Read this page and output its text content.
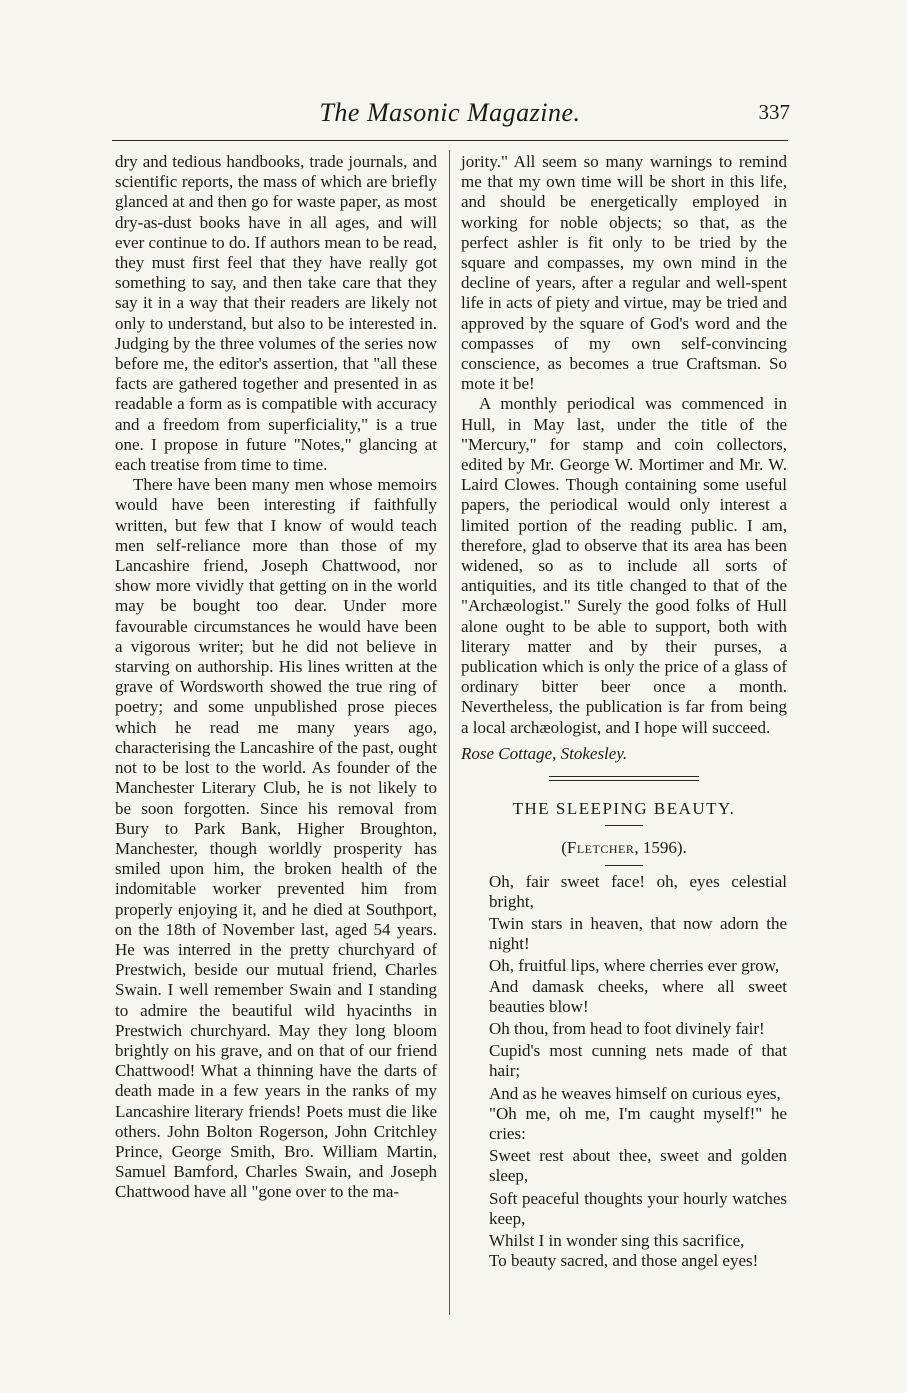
The Masonic Magazine.	337

dry and tedious handbooks, trade journals, and scientific reports, the mass of which are briefly glanced at and then go for waste paper, as most dry-as-dust books have in all ages, and will ever continue to do. If authors mean to be read, they must first feel that they have really got something to say, and then take care that they say it in a way that their readers are likely not only to understand, but also to be interested in. Judging by the three volumes of the series now before me, the editor's assertion, that "all these facts are gathered together and presented in as readable a form as is compatible with accuracy and a freedom from superficiality," is a true one. I propose in future "Notes," glancing at each treatise from time to time.

There have been many men whose memoirs would have been interesting if faithfully written, but few that I know of would teach men self-reliance more than those of my Lancashire friend, Joseph Chattwood, nor show more vividly that getting on in the world may be bought too dear. Under more favourable circumstances he would have been a vigorous writer; but he did not believe in starving on authorship. His lines written at the grave of Wordsworth showed the true ring of poetry; and some unpublished prose pieces which he read me many years ago, characterising the Lancashire of the past, ought not to be lost to the world. As founder of the Manchester Literary Club, he is not likely to be soon forgotten. Since his removal from Bury to Park Bank, Higher Broughton, Manchester, though worldly prosperity has smiled upon him, the broken health of the indomitable worker prevented him from properly enjoying it, and he died at Southport, on the 18th of November last, aged 54 years. He was interred in the pretty churchyard of Prestwich, beside our mutual friend, Charles Swain. I well remember Swain and I standing to admire the beautiful wild hyacinths in Prestwich churchyard. May they long bloom brightly on his grave, and on that of our friend Chattwood! What a thinning have the darts of death made in a few years in the ranks of my Lancashire literary friends! Poets must die like others. John Bolton Rogerson, John Critchley Prince, George Smith, Bro. William Martin, Samuel Bamford, Charles Swain, and Joseph Chattwood have all "gone over to the ma-

jority." All seem so many warnings to remind me that my own time will be short in this life, and should be energetically employed in working for noble objects; so that, as the perfect ashler is fit only to be tried by the square and compasses, my own mind in the decline of years, after a regular and well-spent life in acts of piety and virtue, may be tried and approved by the square of God's word and the compasses of my own self-convincing conscience, as becomes a true Craftsman. So mote it be!

A monthly periodical was commenced in Hull, in May last, under the title of the "Mercury," for stamp and coin collectors, edited by Mr. George W. Mortimer and Mr. W. Laird Clowes. Though containing some useful papers, the periodical would only interest a limited portion of the reading public. I am, therefore, glad to observe that its area has been widened, so as to include all sorts of antiquities, and its title changed to that of the "Archæologist." Surely the good folks of Hull alone ought to be able to support, both with literary matter and by their purses, a publication which is only the price of a glass of ordinary bitter beer once a month. Nevertheless, the publication is far from being a local archæologist, and I hope will succeed.

Rose Cottage, Stokesley.

THE SLEEPING BEAUTY.

(Fletcher, 1596).

Oh, fair sweet face! oh, eyes celestial bright,

Twin stars in heaven, that now adorn the night!

Oh, fruitful lips, where cherries ever grow,

And damask cheeks, where all sweet beauties blow!

Oh thou, from head to foot divinely fair!

Cupid's most cunning nets made of that hair;

And as he weaves himself on curious eyes,

"Oh me, oh me, I'm caught myself!" he cries:

Sweet rest about thee, sweet and golden sleep,

Soft peaceful thoughts your hourly watches keep,

Whilst I in wonder sing this sacrifice,

To beauty sacred, and those angel eyes!
